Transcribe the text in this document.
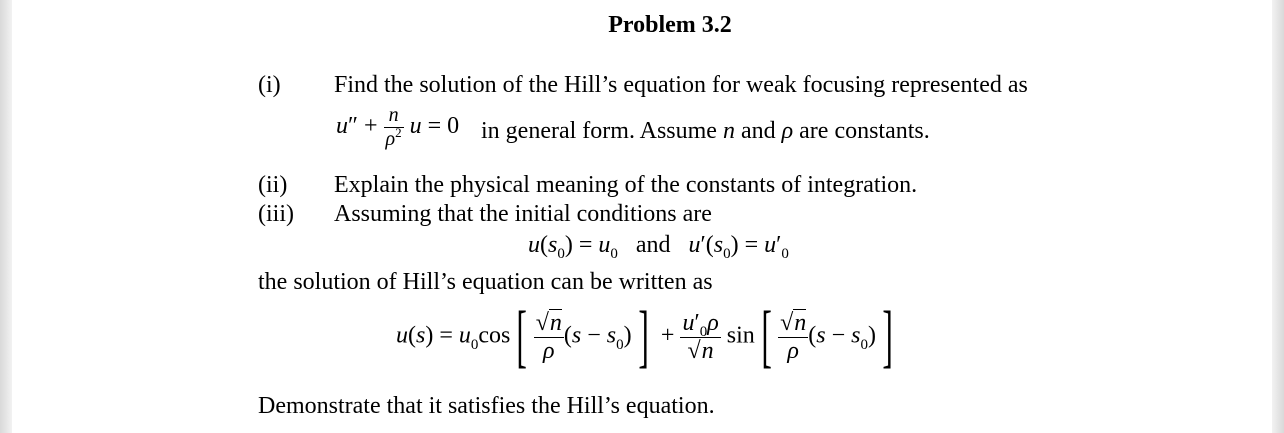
Problem 3.2
(i) Find the solution of the Hill’s equation for weak focusing represented as
$u'' + \frac{n}{\rho^2}$ u = 0 in general form. Assume n and ρ are constants.
(ii) Explain the physical meaning of the constants of integration.
(iii) Assuming that the initial conditions are
$u(s_0) = u_0$ and $u'(s_0) = u'_0$
the solution of Hill’s equation can be written as
$u(s) = u_0\cos[ \frac{√n}{\rho} (s - s_0)] + \frac{u'_0\rho}{√n} \sin[ \frac{√n}{\rho} (s - s_0)]$
Demonstrate that it satisfies the Hill’s equation.
